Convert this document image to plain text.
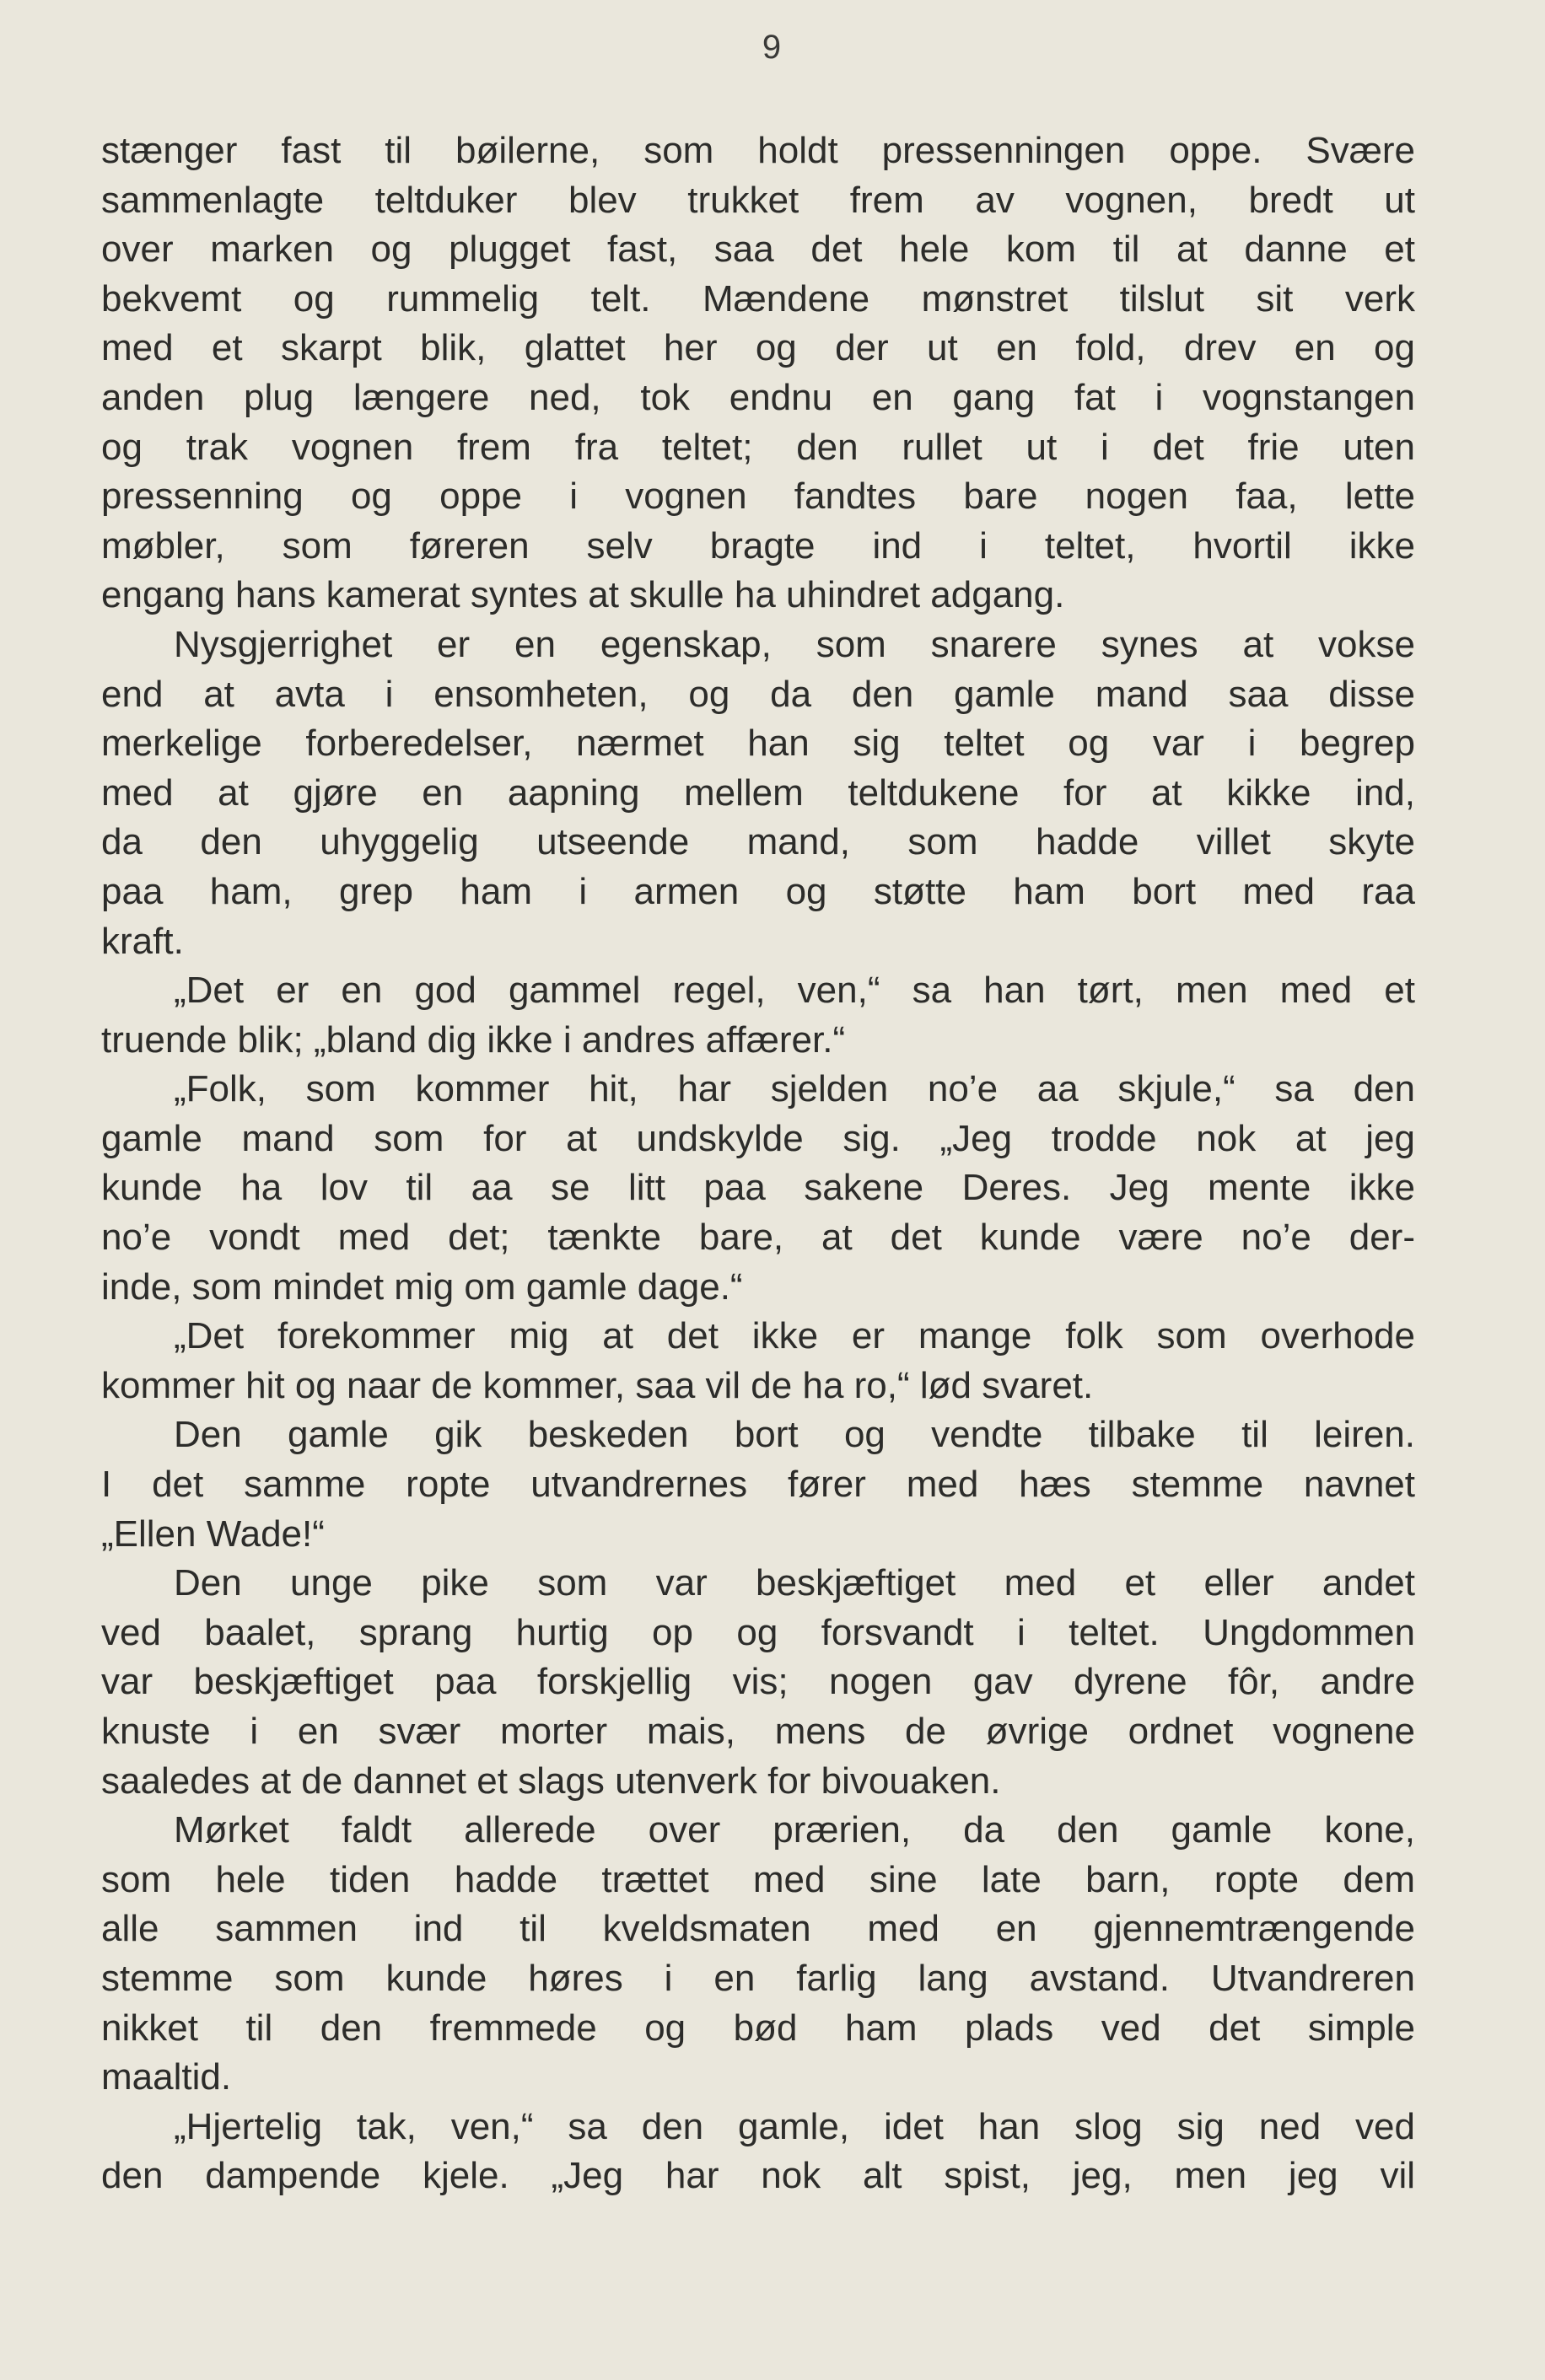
9
stænger fast til bøilerne, som holdt pressenningen oppe. Svære
sammenlagte teltduker blev trukket frem av vognen, bredt ut
over marken og plugget fast, saa det hele kom til at danne et
bekvemt og rummelig telt. Mændene mønstret tilslut sit verk
med et skarpt blik, glattet her og der ut en fold, drev en og
anden plug længere ned, tok endnu en gang fat i vognstangen
og trak vognen frem fra teltet; den rullet ut i det frie uten
pressenning og oppe i vognen fandtes bare nogen faa, lette
møbler, som føreren selv bragte ind i teltet, hvortil ikke
engang hans kamerat syntes at skulle ha uhindret adgang.
Nysgjerrighet er en egenskap, som snarere synes at vokse
end at avta i ensomheten, og da den gamle mand saa disse
merkelige forberedelser, nærmet han sig teltet og var i begrep
med at gjøre en aapning mellem teltdukene for at kikke ind,
da den uhyggelig utseende mand, som hadde villet skyte
paa ham, grep ham i armen og støtte ham bort med raa
kraft.
„Det er en god gammel regel, ven,“ sa han tørt, men med et
truende blik; „bland dig ikke i andres affærer.“
„Folk, som kommer hit, har sjelden no’e aa skjule,“ sa den
gamle mand som for at undskylde sig. „Jeg trodde nok at jeg
kunde ha lov til aa se litt paa sakene Deres. Jeg mente ikke
no’e vondt med det; tænkte bare, at det kunde være no’e der-
inde, som mindet mig om gamle dage.“
„Det forekommer mig at det ikke er mange folk som overhode
kommer hit og naar de kommer, saa vil de ha ro,“ lød svaret.
Den gamle gik beskeden bort og vendte tilbake til leiren.
I det samme ropte utvandrernes fører med hæs stemme navnet
„Ellen Wade!“
Den unge pike som var beskjæftiget med et eller andet
ved baalet, sprang hurtig op og forsvandt i teltet. Ungdommen
var beskjæftiget paa forskjellig vis; nogen gav dyrene fôr, andre
knuste i en svær morter mais, mens de øvrige ordnet vognene
saaledes at de dannet et slags utenverk for bivouaken.
Mørket faldt allerede over prærien, da den gamle kone,
som hele tiden hadde trættet med sine late barn, ropte dem
alle sammen ind til kveldsmaten med en gjennemtrængende
stemme som kunde høres i en farlig lang avstand. Utvandreren
nikket til den fremmede og bød ham plads ved det simple
maaltid.
„Hjertelig tak, ven,“ sa den gamle, idet han slog sig ned ved
den dampende kjele. „Jeg har nok alt spist, jeg, men jeg vil
